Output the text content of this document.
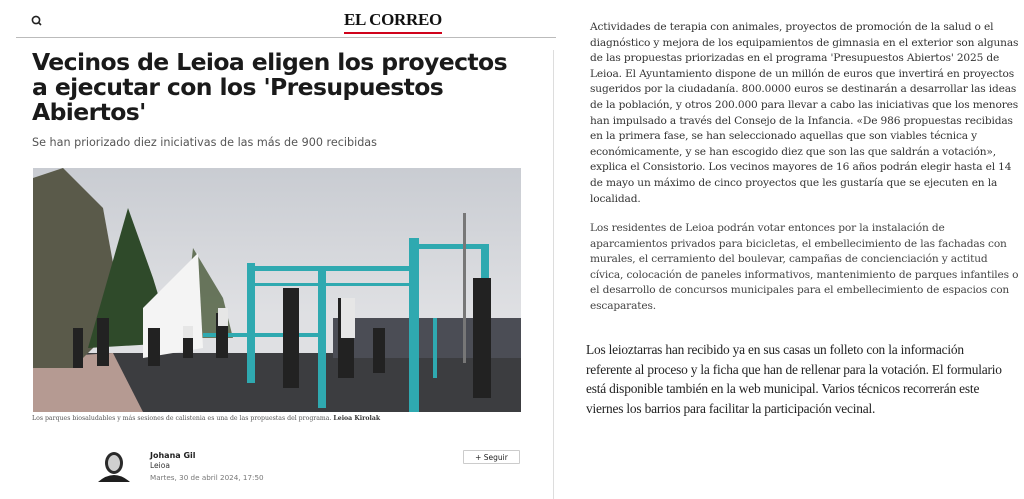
EL CORREO
Vecinos de Leioa eligen los proyectos a ejecutar con los 'Presupuestos Abiertos'
Se han priorizado diez iniciativas de las más de 900 recibidas
Los parques biosaludables y más sesiones de calistenia es una de las propuestas del programa. Leioa Kirolak
Johana Gil
Leioa
Martes, 30 de abril 2024, 17:50
+ Seguir

Actividades de terapia con animales, proyectos de promoción de la salud o el diagnóstico y mejora de los equipamientos de gimnasia en el exterior son algunas de las propuestas priorizadas en el programa 'Presupuestos Abiertos' 2025 de Leioa. El Ayuntamiento dispone de un millón de euros que invertirá en proyectos sugeridos por la ciudadanía. 800.0000 euros se destinarán a desarrollar las ideas de la población, y otros 200.000 para llevar a cabo las iniciativas que los menores han impulsado a través del Consejo de la Infancia. «De 986 propuestas recibidas en la primera fase, se han seleccionado aquellas que son viables técnica y económicamente, y se han escogido diez que son las que saldrán a votación», explica el Consistorio. Los vecinos mayores de 16 años podrán elegir hasta el 14 de mayo un máximo de cinco proyectos que les gustaría que se ejecuten en la localidad.

Los residentes de Leioa podrán votar entonces por la instalación de aparcamientos privados para bicicletas, el embellecimiento de las fachadas con murales, el cerramiento del boulevar, campañas de concienciación y actitud cívica, colocación de paneles informativos, mantenimiento de parques infantiles o el desarrollo de concursos municipales para el embellecimiento de espacios con escaparates.

Los leioztarras han recibido ya en sus casas un folleto con la información referente al proceso y la ficha que han de rellenar para la votación. El formulario está disponible también en la web municipal. Varios técnicos recorrerán este viernes los barrios para facilitar la participación vecinal.
